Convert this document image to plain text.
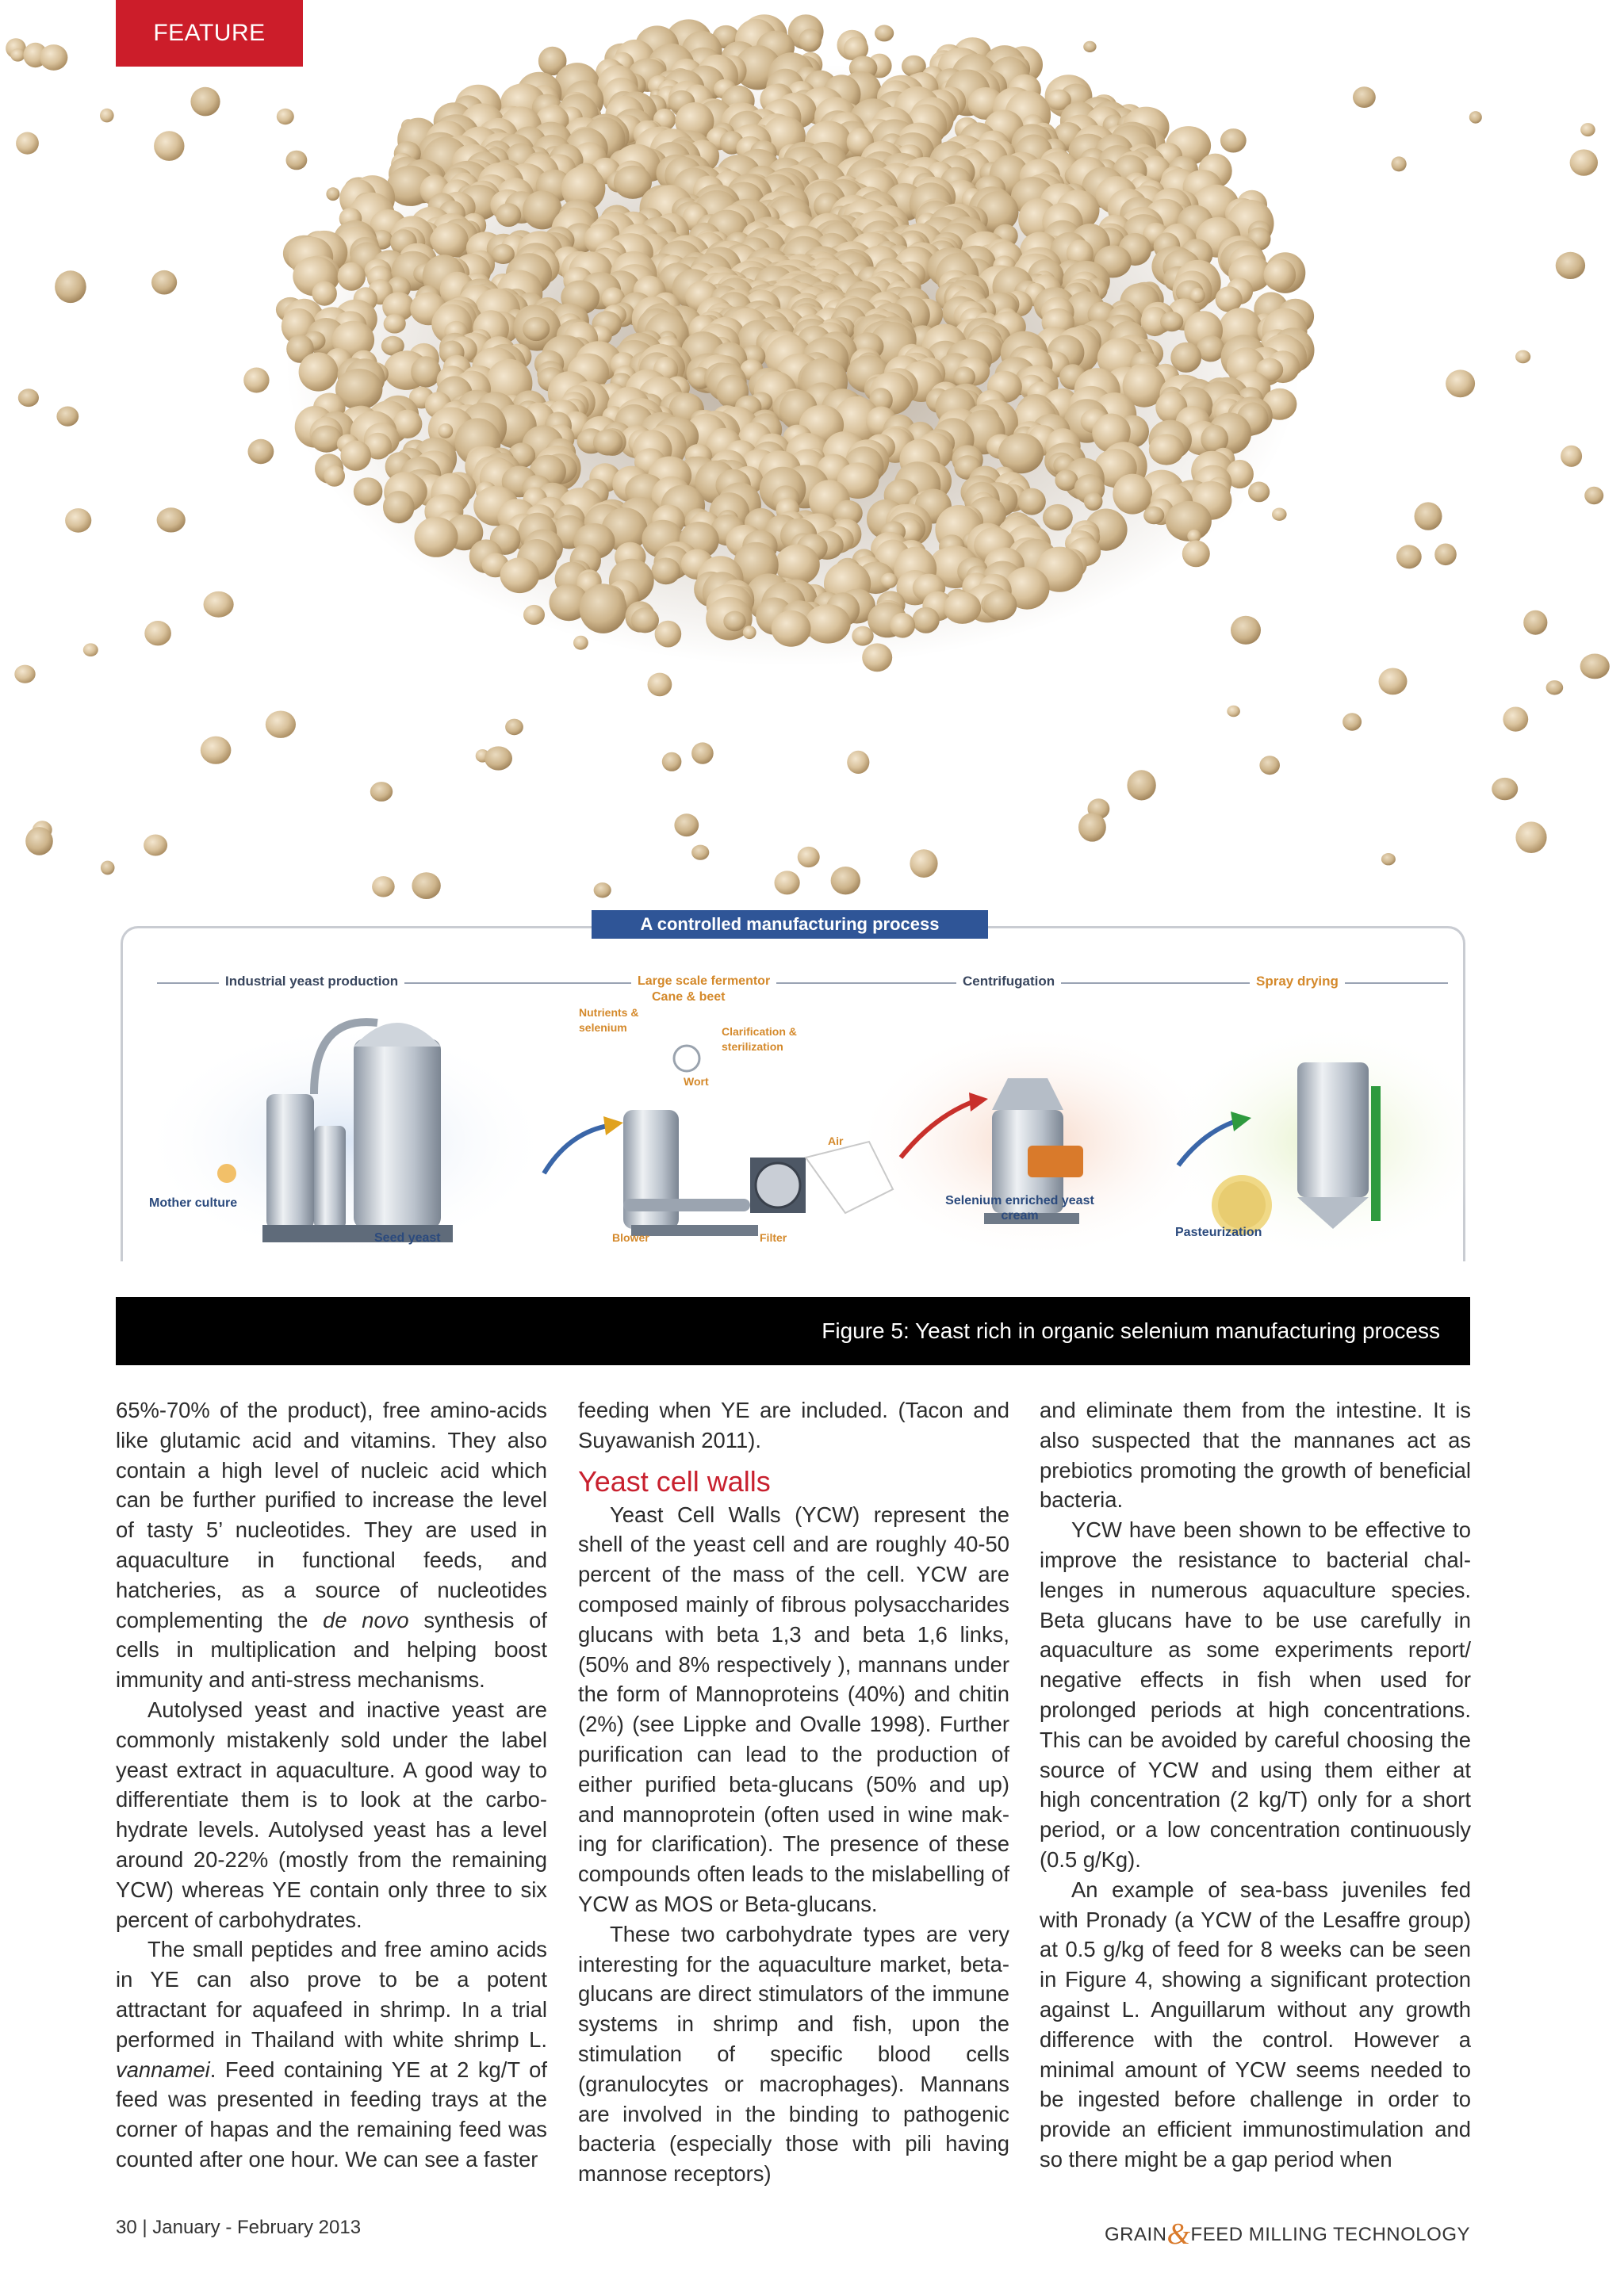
FEATURE
A controlled manufacturing process
Industrial yeast production	Large scale fermentor
Cane & beet
Centrifugation	Spray drying
Mother culture
Seed yeast
Nutrients & selenium	Clarification & sterilization
Wort
Air
Blower	Filter
Selenium enriched yeast cream
Pasteurization
Figure 5: Yeast rich in organic selenium manufacturing process

65%-70% of the product), free amino-acids like glutamic acid and vitamins. They also contain a high level of nucleic acid which can be further purified to increase the level of tasty 5’ nucleotides. They are used in aquaculture in functional feeds, and hatcheries, as a source of nucleotides complementing the de novo synthesis of cells in multiplication and helping boost immunity and anti-stress mechanisms.

Autolysed yeast and inactive yeast are commonly mistakenly sold under the label yeast extract in aquaculture. A good way to differentiate them is to look at the carbohydrate levels. Autolysed yeast has a level around 20-22% (mostly from the remaining YCW) whereas YE contain only three to six percent of carbohydrates.

The small peptides and free amino acids in YE can also prove to be a potent attractant for aquafeed in shrimp. In a trial performed in Thailand with white shrimp L. vannamei. Feed containing YE at 2 kg/T of feed was presented in feeding trays at the corner of hapas and the remaining feed was counted after one hour. We can see a faster

feeding when YE are included. (Tacon and Suyawanish 2011).

Yeast cell walls

Yeast Cell Walls (YCW) represent the shell of the yeast cell and are roughly 40-50 percent of the mass of the cell. YCW are composed mainly of fibrous polysaccharides glucans with beta 1,3 and beta 1,6 links, (50% and 8% respectively ), mannans under the form of Mannoproteins (40%) and chitin (2%) (see Lippke and Ovalle 1998). Further purification can lead to the production of either purified beta-glucans (50% and up) and mannoprotein (often used in wine making for clarification). The presence of these compounds often leads to the mislabelling of YCW as MOS or Beta-glucans.

These two carbohydrate types are very interesting for the aquaculture market, beta-glucans are direct stimulators of the immune systems in shrimp and fish, upon the stimulation of specific blood cells (granulocytes or macrophages). Mannans are involved in the binding to pathogenic bacteria (especially those with pili having mannose receptors)

and eliminate them from the intestine. It is also suspected that the mannanes act as prebiotics promoting the growth of beneficial bacteria.

YCW have been shown to be effective to improve the resistance to bacterial challenges in numerous aquaculture species. Beta glucans have to be use carefully in aquaculture as some experiments report/ negative effects in fish when used for prolonged periods at high concentrations. This can be avoided by careful choosing the source of YCW and using them either at high concentration (2 kg/T) only for a short period, or a low concentration continuously (0.5 g/Kg).

An example of sea-bass juveniles fed with Pronady (a YCW of the Lesaffre group) at 0.5 g/kg of feed for 8 weeks can be seen in Figure 4, showing a significant protection against L. Anguillarum without any growth difference with the control. However a minimal amount of YCW seems needed to be ingested before challenge in order to provide an efficient immunostimulation and so there might be a gap period when

30 | January - February 2013	GRAIN&FEED MILLING TECHNOLOGY
